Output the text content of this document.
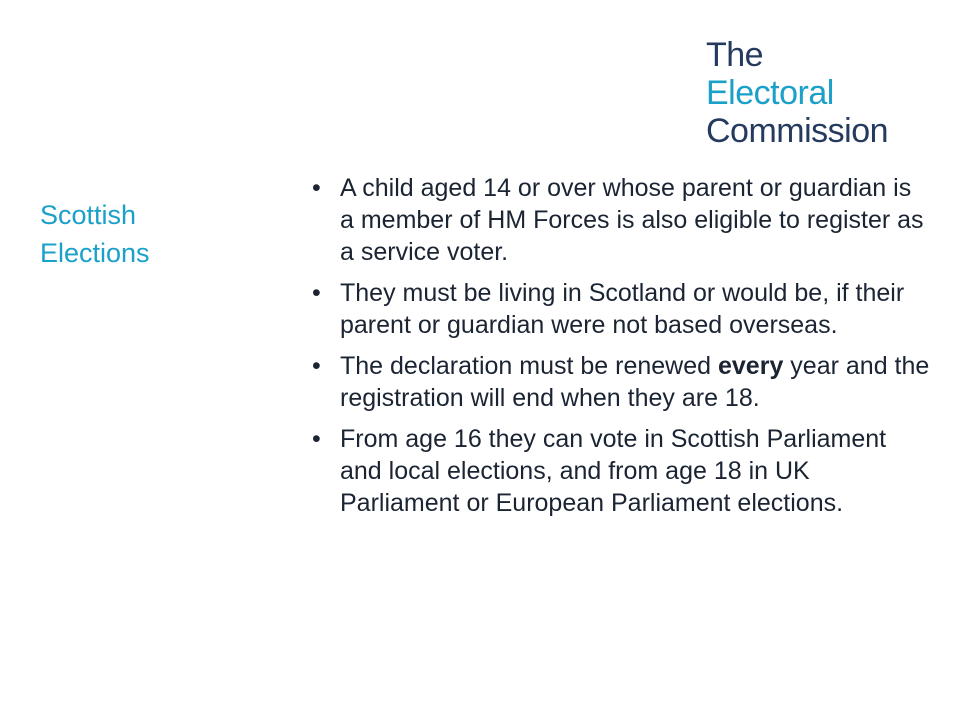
The
Electoral
Commission
Scottish
Elections
• A child aged 14 or over whose parent or guardian is a member of HM Forces is also eligible to register as a service voter.
• They must be living in Scotland or would be, if their parent or guardian were not based overseas.
• The declaration must be renewed every year and the registration will end when they are 18.
• From age 16 they can vote in Scottish Parliament and local elections, and from age 18 in UK Parliament or European Parliament elections.
